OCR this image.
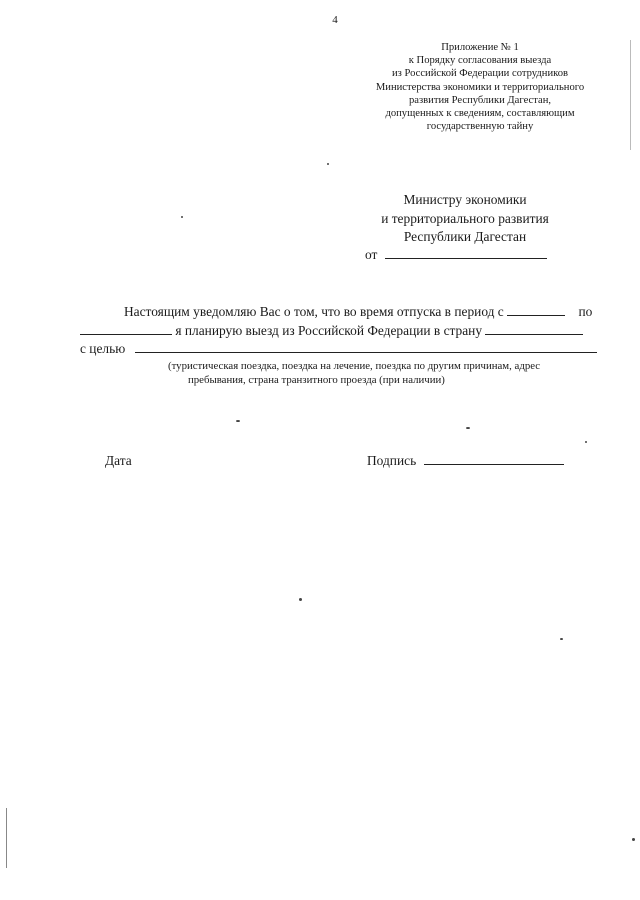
4
Приложение № 1
к Порядку согласования выезда
из Российской Федерации сотрудников
Министерства экономики и территориального
развития Республики Дагестан,
допущенных к сведениям, составляющим
государственную тайну
Министру экономики
и территориального развития
Республики Дагестан
от
Настоящим уведомляю Вас о том, что во время отпуска в период с	по
я планирую выезд из Российской Федерации в страну
с целью
(туристическая поездка, поездка на лечение, поездка по другим причинам, адрес
пребывания, страна транзитного проезда (при наличии)
Дата	Подпись
